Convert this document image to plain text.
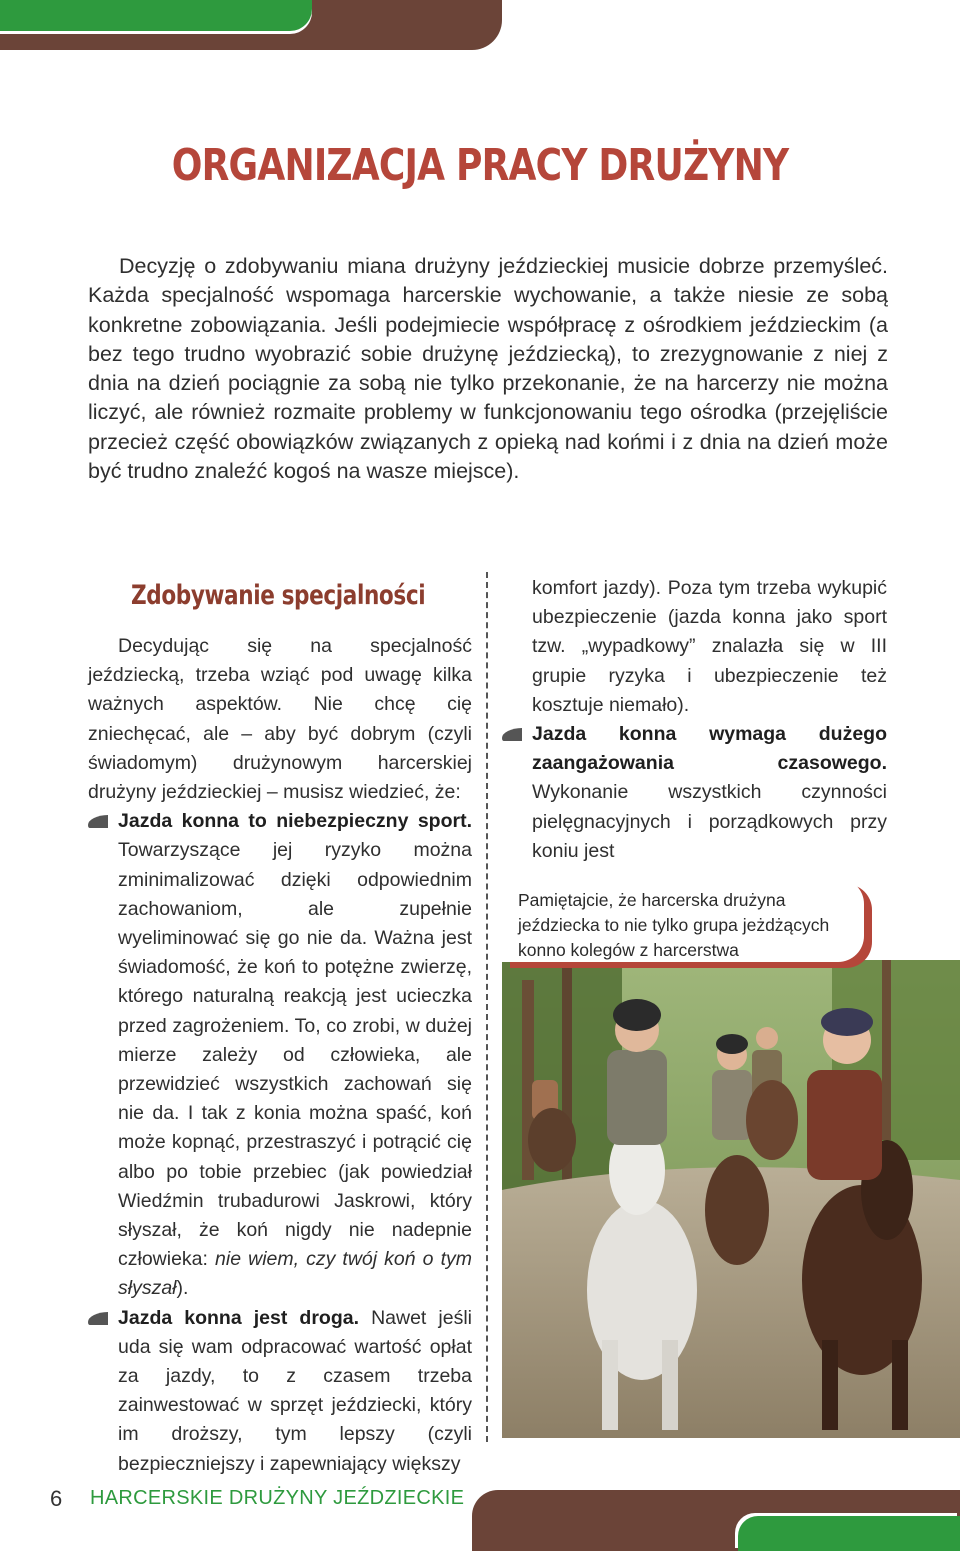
ORGANIZACJA PRACY DRUŻYNY

Decyzję o zdobywaniu miana drużyny jeździeckiej musicie dobrze przemyśleć. Każda specjalność wspomaga harcerskie wychowanie, a także niesie ze sobą konkretne zobowiązania. Jeśli podejmiecie współpracę z ośrodkiem jeździeckim (a bez tego trudno wyobrazić sobie drużynę jeździecką), to zrezygnowanie z niej z dnia na dzień pociągnie za sobą nie tylko przekonanie, że na harcerzy nie można liczyć, ale również rozmaite problemy w funkcjonowaniu tego ośrodka (przejęliście przecież część obowiązków związanych z opieką nad końmi i z dnia na dzień może być trudno znaleźć kogoś na wasze miejsce).

Zdobywanie specjalności

Decydując się na specjalność jeździecką, trzeba wziąć pod uwagę kilka ważnych aspektów. Nie chcę cię zniechęcać, ale – aby być dobrym (czyli świadomym) drużynowym harcerskiej drużyny jeździeckiej – musisz wiedzieć, że:

Jazda konna to niebezpieczny sport. Towarzyszące jej ryzyko można zminimalizować dzięki odpowiednim zachowaniom, ale zupełnie wyeliminować się go nie da. Ważna jest świadomość, że koń to potężne zwierzę, którego naturalną reakcją jest ucieczka przed zagrożeniem. To, co zrobi, w dużej mierze zależy od człowieka, ale przewidzieć wszystkich zachowań się nie da. I tak z konia można spaść, koń może kopnąć, przestraszyć i potrącić cię albo po tobie przebiec (jak powiedział Wiedźmin trubadurowi Jaskrowi, który słyszał, że koń nigdy nie nadepnie człowieka: nie wiem, czy twój koń o tym słyszał).

Jazda konna jest droga. Nawet jeśli uda się wam odpracować wartość opłat za jazdy, to z czasem trzeba zainwestować w sprzęt jeździecki, który im droższy, tym lepszy (czyli bezpieczniejszy i zapewniający większy

komfort jazdy). Poza tym trzeba wykupić ubezpieczenie (jazda konna jako sport tzw. „wypadkowy” znalazła się w III grupie ryzyka i ubezpieczenie też kosztuje niemało).

Jazda konna wymaga dużego zaangażowania czasowego. Wykonanie wszystkich czynności pielęgnacyjnych i porządkowych przy koniu jest

Pamiętajcie, że harcerska drużyna jeździecka to nie tylko grupa jeżdżących konno kolegów z harcerstwa
6 HARCERSKIE DRUŻYNY JEŹDZIECKIE
